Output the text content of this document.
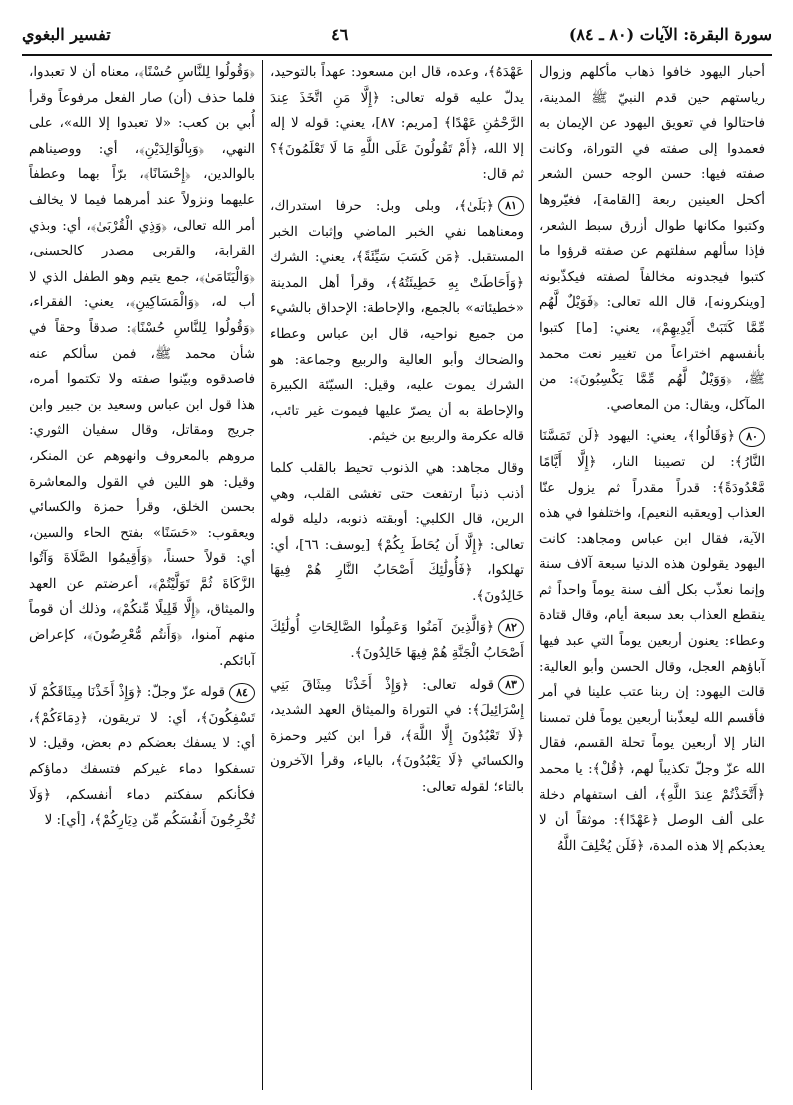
سورة البقرة: الآيات (٨٠ ـ ٨٤)
٤٦
تفسير البغوي

أحبار اليهود خافوا ذهاب مأكلهم وزوال رياستهم حين قدم النبيّ ﷺ المدينة، فاحتالوا في تعويق اليهود عن الإيمان به فعمدوا إلى صفته في التوراة، وكانت صفته فيها: حسن الوجه حسن الشعر أكحل العينين ربعة [القامة]، فغيّروها وكتبوا مكانها طوال أزرق سبط الشعر، فإذا سألهم سفلتهم عن صفته قرؤوا ما كتبوا فيجدونه مخالفاً لصفته فيكذّبونه [وينكرونه]، قال الله تعالى: ﴿فَوَيْلٌ لَّهُم مِّمَّا كَتَبَتْ أَيْدِيهِمْ﴾، يعني: [ما] كتبوا بأنفسهم اختراعاً من تغيير نعت محمد ﷺ، ﴿وَوَيْلٌ لَّهُم مِّمَّا يَكْسِبُونَ﴾: من المآكل، ويقال: من المعاصي.

٨٠﴿وَقَالُوا﴾، يعني: اليهود ﴿لَن تَمَسَّنَا النَّارُ﴾: لن تصيبنا النار، ﴿إِلَّا أَيَّامًا مَّعْدُودَةً﴾: قدراً مقدراً ثم يزول عنّا العذاب [ويعقبه النعيم]، واختلفوا في هذه الآية، فقال ابن عباس ومجاهد: كانت اليهود يقولون هذه الدنيا سبعة آلاف سنة وإنما نعذّب بكل ألف سنة يوماً واحداً ثم ينقطع العذاب بعد سبعة أيام، وقال قتادة وعطاء: يعنون أربعين يوماً التي عبد فيها آباؤهم العجل، وقال الحسن وأبو العالية: قالت اليهود: إن ربنا عتب علينا في أمر فأقسم الله ليعذّبنا أربعين يوماً فلن تمسنا النار إلا أربعين يوماً تحلة القسم، فقال الله عزّ وجلّ تكذيباً لهم، ﴿قُلْ﴾: يا محمد ﴿أَتَّخَذْتُمْ عِندَ اللَّهِ﴾، ألف استفهام دخلة على ألف الوصل ﴿عَهْدًا﴾: موثقاً أن لا يعذبكم إلا هذه المدة، ﴿فَلَن يُخْلِفَ اللَّهُ

عَهْدَهُ﴾، وعده، قال ابن مسعود: عهداً بالتوحيد، يدلّ عليه قوله تعالى: ﴿إِلَّا مَنِ اتَّخَذَ عِندَ الرَّحْمَٰنِ عَهْدًا﴾ [مريم: ٨٧]، يعني: قوله لا إله إلا الله، ﴿أَمْ تَقُولُونَ عَلَى اللَّهِ مَا لَا تَعْلَمُونَ﴾؟ ثم قال:

٨١﴿بَلَىٰ﴾، وبلى وبل: حرفا استدراك، ومعناهما نفي الخبر الماضي وإثبات الخبر المستقبل. ﴿مَن كَسَبَ سَيِّئَةً﴾، يعني: الشرك ﴿وَأَحَاطَتْ بِهِ خَطِيئَتُهُ﴾، وقرأ أهل المدينة «خطيئاته» بالجمع، والإحاطة: الإحداق بالشيء من جميع نواحيه، قال ابن عباس وعطاء والضحاك وأبو العالية والربيع وجماعة: هو الشرك يموت عليه، وقيل: السيّئة الكبيرة والإحاطة به أن يصرّ عليها فيموت غير تائب، قاله عكرمة والربيع بن خيثم.

وقال مجاهد: هي الذنوب تحيط بالقلب كلما أذنب ذنباً ارتفعت حتى تغشى القلب، وهي الرين، قال الكلبي: أوبقته ذنوبه، دليله قوله تعالى: ﴿إِلَّا أَن يُحَاطَ بِكُمْ﴾ [يوسف: ٦٦]، أي: تهلكوا، ﴿فَأُولَٰئِكَ أَصْحَابُ النَّارِ هُمْ فِيهَا خَالِدُونَ﴾.

٨٢﴿وَالَّذِينَ آمَنُوا وَعَمِلُوا الصَّالِحَاتِ أُولَٰئِكَ أَصْحَابُ الْجَنَّةِ هُمْ فِيهَا خَالِدُونَ﴾.

٨٣قوله تعالى: ﴿وَإِذْ أَخَذْنَا مِيثَاقَ بَنِي إِسْرَائِيلَ﴾: في التوراة والميثاق العهد الشديد، ﴿لَا تَعْبُدُونَ إِلَّا اللَّهَ﴾، قرأ ابن كثير وحمزة والكسائي ﴿لَا يَعْبُدُونَ﴾، بالياء، وقرأ الآخرون بالتاء؛ لقوله تعالى:

﴿وَقُولُوا لِلنَّاسِ حُسْنًا﴾، معناه أن لا تعبدوا، فلما حذف (أن) صار الفعل مرفوعاً وقرأ أُبي بن كعب: «لا تعبدوا إلا الله»، على النهي، ﴿وَبِالْوَالِدَيْنِ﴾، أي: ووصيناهم بالوالدين، ﴿إِحْسَانًا﴾، برّاً بهما وعطفاً عليهما ونزولاً عند أمرهما فيما لا يخالف أمر الله تعالى، ﴿وَذِي الْقُرْبَىٰ﴾، أي: وبذي القرابة، والقربى مصدر كالحسنى، ﴿وَالْيَتَامَىٰ﴾، جمع يتيم وهو الطفل الذي لا أب له، ﴿وَالْمَسَاكِينِ﴾، يعني: الفقراء، ﴿وَقُولُوا لِلنَّاسِ حُسْنًا﴾: صدقاً وحقاً في شأن محمد ﷺ، فمن سألكم عنه فاصدقوه وبيّنوا صفته ولا تكتموا أمره، هذا قول ابن عباس وسعيد بن جبير وابن جريج ومقاتل، وقال سفيان الثوري: مروهم بالمعروف وانهوهم عن المنكر، وقيل: هو اللين في القول والمعاشرة بحسن الخلق، وقرأ حمزة والكسائي ويعقوب: «حَسَنًا» بفتح الحاء والسين، أي: قولاً حسناً، ﴿وَأَقِيمُوا الصَّلَاةَ وَآتُوا الزَّكَاةَ ثُمَّ تَوَلَّيْتُمْ﴾، أعرضتم عن العهد والميثاق، ﴿إِلَّا قَلِيلًا مِّنكُمْ﴾، وذلك أن قوماً منهم آمنوا، ﴿وَأَنتُم مُّعْرِضُونَ﴾، كإعراض آبائكم.

٨٤قوله عزّ وجلّ: ﴿وَإِذْ أَخَذْنَا مِيثَاقَكُمْ لَا تَسْفِكُونَ﴾، أي: لا تريقون، ﴿دِمَاءَكُمْ﴾، أي: لا يسفك بعضكم دم بعض، وقيل: لا تسفكوا دماء غيركم فتسفك دماؤكم فكأنكم سفكتم دماء أنفسكم، ﴿وَلَا تُخْرِجُونَ أَنفُسَكُم مِّن دِيَارِكُمْ﴾، [أي]: لا
